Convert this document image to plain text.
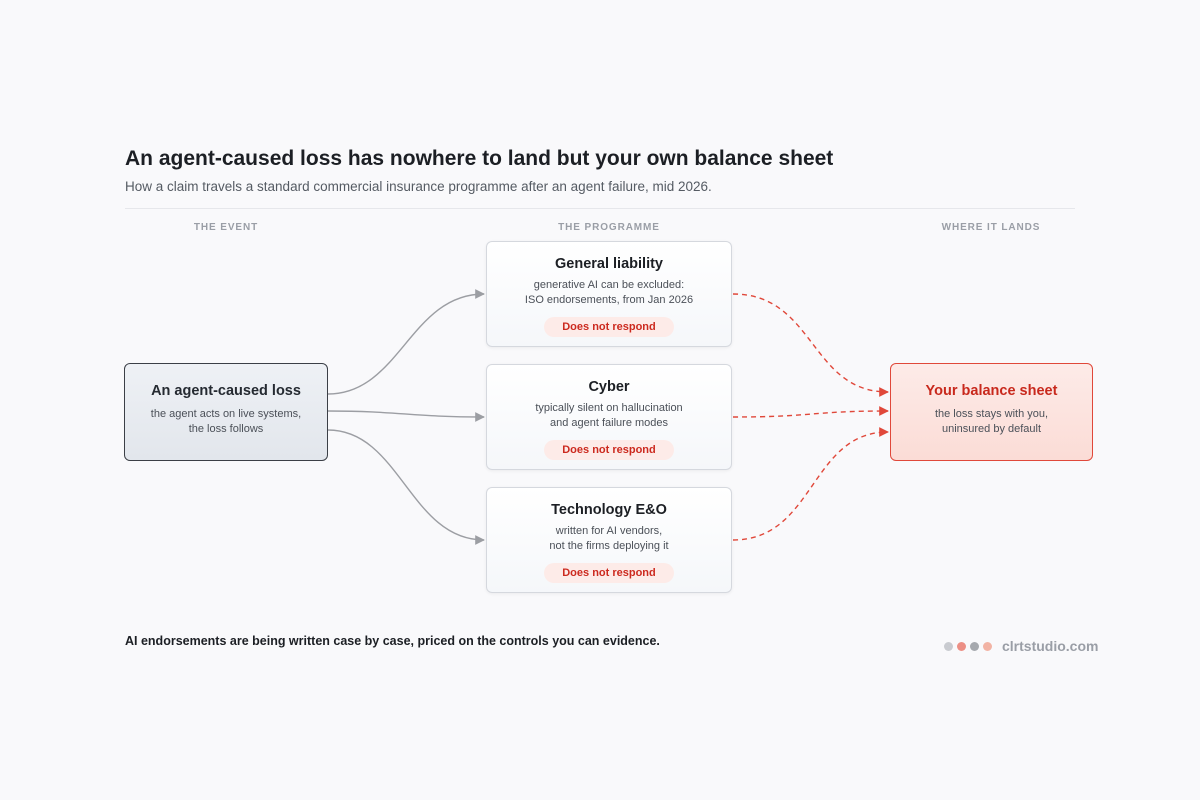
An agent-caused loss has nowhere to land but your own balance sheet
How a claim travels a standard commercial insurance programme after an agent failure, mid 2026.
THE EVENT	THE PROGRAMME	WHERE IT LANDS
An agent-caused loss
the agent acts on live systems,
the loss follows
General liability
generative AI can be excluded:
ISO endorsements, from Jan 2026
Does not respond
Cyber
typically silent on hallucination
and agent failure modes
Does not respond
Technology E&O
written for AI vendors,
not the firms deploying it
Does not respond
Your balance sheet
the loss stays with you,
uninsured by default
AI endorsements are being written case by case, priced on the controls you can evidence.	clrtstudio.com
